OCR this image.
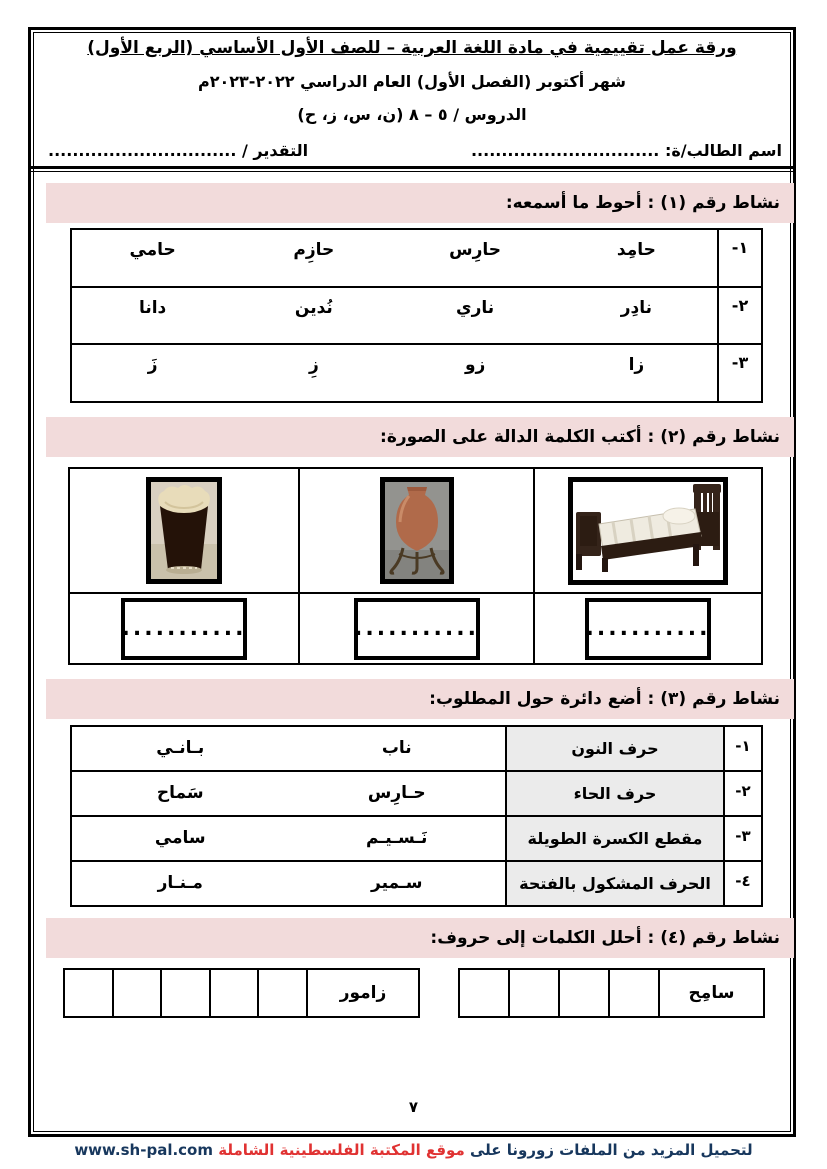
ورقة عمل تقييمية في مادة اللغة العربية – للصف الأول الأساسي (الربع الأول)
شهر أكتوبر (الفصل الأول) العام الدراسي ٢٠٢٢-٢٠٢٣م
الدروس / ٥ – ٨ (ن، س، ز، ح)
اسم الطالب/ة: ...............................
التقدير / ...............................
نشاط رقم (١) : أحوط ما أسمعه:
١-
حامِد
حارِس
حازِم
حامي
٢-
نادِر
ناري
نُدين
دانا
٣-
زا
زو
زِ
زَ
نشاط رقم (٢) : أكتب الكلمة الدالة على الصورة:
...........
...........
...........
نشاط رقم (٣) : أضع دائرة حول المطلوب:
١-
حرف النون
ناب
بـانـي
٢-
حرف الحاء
حـارِس
سَماح
٣-
مقطع الكسرة الطويلة
نَـسـيـم
سامي
٤-
الحرف المشكول بالفتحة
سـمير
مـنـار
نشاط رقم (٤) : أحلل الكلمات إلى حروف:
سامِح
زامور
٧
لتحميل المزيد من الملفات زورونا على موقع المكتبة الفلسطينية الشاملة www.sh-pal.com
